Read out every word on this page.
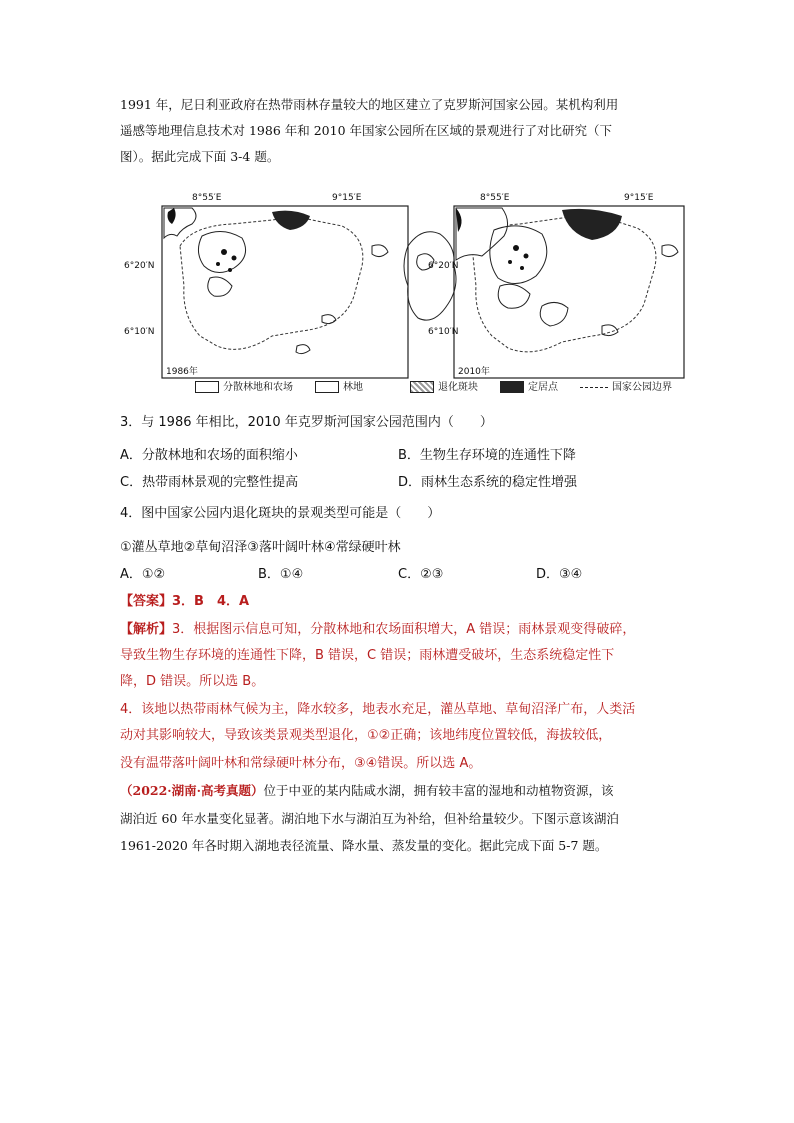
1991 年，尼日利亚政府在热带雨林存量较大的地区建立了克罗斯河国家公园。某机构利用

遥感等地理信息技术对 1986 年和 2010 年国家公园所在区域的景观进行了对比研究（下

图）。据此完成下面 3-4 题。

8°55′E	9°15′E
6°20′N
6°10′N
1986年
8°55′E	9°15′E
6°20′N
6°10′N
2010年
分散林地和农场	林地	退化斑块	定居点	国家公园边界

3．与 1986 年相比，2010 年克罗斯河国家公园范围内（　　）

A．分散林地和农场的面积缩小	B．生物生存环境的连通性下降

C．热带雨林景观的完整性提高	D．雨林生态系统的稳定性增强

4．图中国家公园内退化斑块的景观类型可能是（　　）

①灌丛草地②草甸沼泽③落叶阔叶林④常绿硬叶林

A．①②	B．①④	C．②③	D．③④

【答案】3．B　4．A

【解析】3．根据图示信息可知，分散林地和农场面积增大，A 错误；雨林景观变得破碎，

导致生物生存环境的连通性下降，B 错误，C 错误；雨林遭受破坏，生态系统稳定性下

降，D 错误。所以选 B。

4．该地以热带雨林气候为主，降水较多，地表水充足，灌丛草地、草甸沼泽广布，人类活

动对其影响较大，导致该类景观类型退化，①②正确；该地纬度位置较低，海拔较低，

没有温带落叶阔叶林和常绿硬叶林分布，③④错误。所以选 A。

（2022·湖南·高考真题）位于中亚的某内陆咸水湖，拥有较丰富的湿地和动植物资源，该

湖泊近 60 年水量变化显著。湖泊地下水与湖泊互为补给，但补给量较少。下图示意该湖泊

1961-2020 年各时期入湖地表径流量、降水量、蒸发量的变化。据此完成下面 5-7 题。
